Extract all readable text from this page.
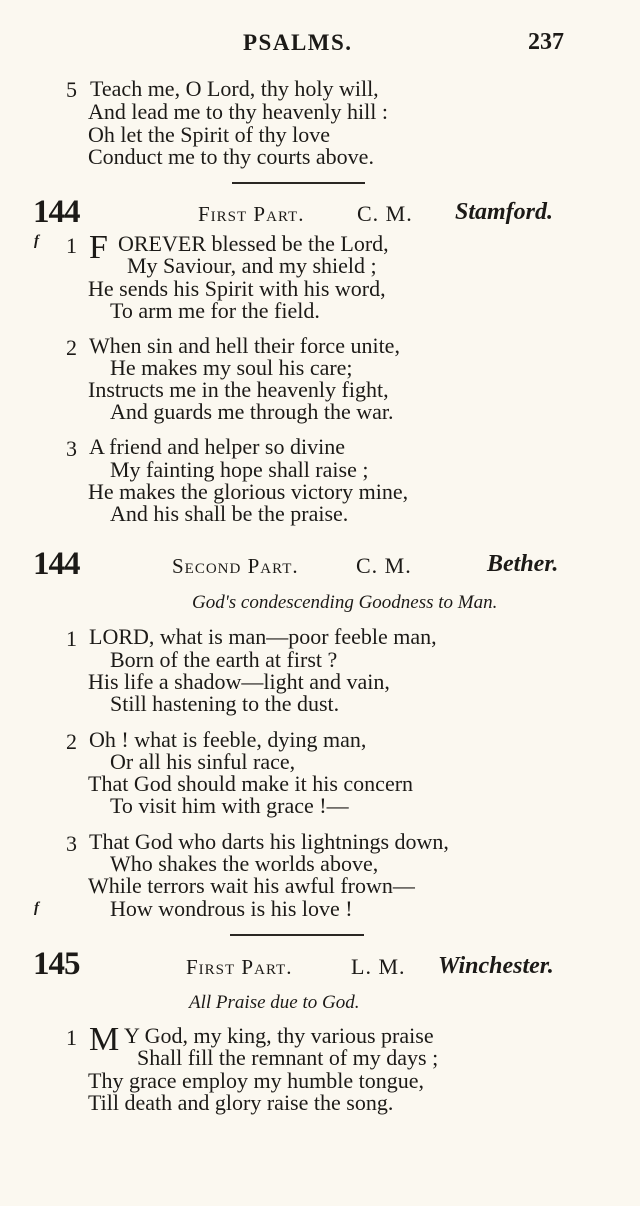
PSALMS.	237
5 Teach me, O Lord, thy holy will,
And lead me to thy heavenly hill :
Oh let the Spirit of thy love
Conduct me to thy courts above.
144	First Part. C. M. Stamford.
f 1 F OREVER blessed be the Lord,
My Saviour, and my shield ;
He sends his Spirit with his word,
To arm me for the field.
2 When sin and hell their force unite,
He makes my soul his care;
Instructs me in the heavenly fight,
And guards me through the war.
3 A friend and helper so divine
My fainting hope shall raise ;
He makes the glorious victory mine,
And his shall be the praise.
144	Second Part.	C. M.	Bether.
God's condescending Goodness to Man.
1 LORD, what is man—poor feeble man,
Born of the earth at first ?
His life a shadow—light and vain,
Still hastening to the dust.
2 Oh ! what is feeble, dying man,
Or all his sinful race,
That God should make it his concern
To visit him with grace !—
3 That God who darts his lightnings down,
Who shakes the worlds above,
While terrors wait his awful frown—
f	How wondrous is his love !
145	First Part.	L. M. Winchester.
All Praise due to God.
1 M Y God, my king, thy various praise
Shall fill the remnant of my days ;
Thy grace employ my humble tongue,
Till death and glory raise the song.
